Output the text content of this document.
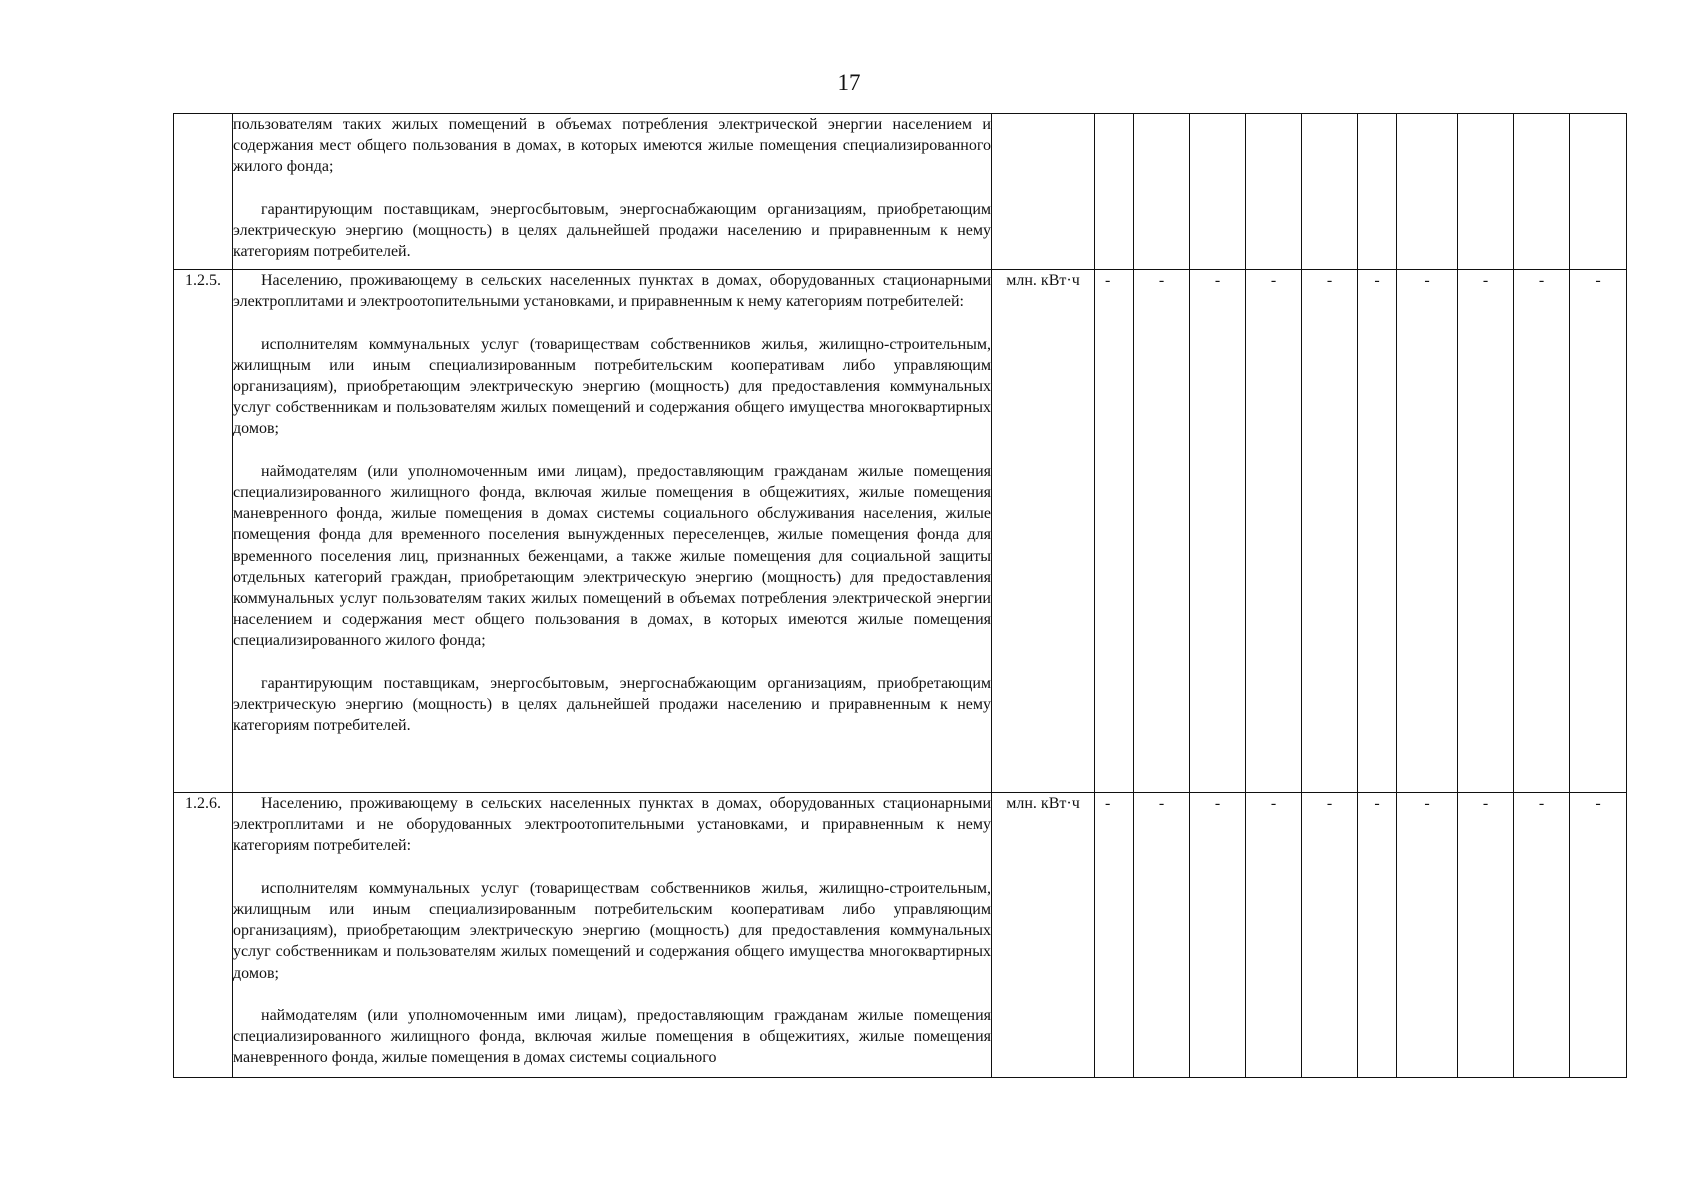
17

	пользователям таких жилых помещений в объемах потребления электрической энергии населением и содержания мест общего пользования в домах, в которых имеются жилые помещения специализированного жилого фонда;

гарантирующим поставщикам, энергосбытовым, энергоснабжающим организациям, приобретающим электрическую энергию (мощность) в целях дальнейшей продажи населению и приравненным к нему категориям потребителей.											

1.2.5.	Населению, проживающему в сельских населенных пунктах в домах, оборудованных стационарными электроплитами и электроотопительными установками, и приравненным к нему категориям потребителей:

исполнителям коммунальных услуг (товариществам собственников жилья, жилищно-строительным, жилищным или иным специализированным потребительским кооперативам либо управляющим организациям), приобретающим электрическую энергию (мощность) для предоставления коммунальных услуг собственникам и пользователям жилых помещений и содержания общего имущества многоквартирных домов;

наймодателям (или уполномоченным ими лицам), предоставляющим гражданам жилые помещения специализированного жилищного фонда, включая жилые помещения в общежитиях, жилые помещения маневренного фонда, жилые помещения в домах системы социального обслуживания населения, жилые помещения фонда для временного поселения вынужденных переселенцев, жилые помещения фонда для временного поселения лиц, признанных беженцами, а также жилые помещения для социальной защиты отдельных категорий граждан, приобретающим электрическую энергию (мощность) для предоставления коммунальных услуг пользователям таких жилых помещений в объемах потребления электрической энергии населением и содержания мест общего пользования в домах, в которых имеются жилые помещения специализированного жилого фонда;

гарантирующим поставщикам, энергосбытовым, энергоснабжающим организациям, приобретающим электрическую энергию (мощность) в целях дальнейшей продажи населению и приравненным к нему категориям потребителей.	млн. кВт·ч	-	-	-	-	-	-	-	-	-	-
1.2.6.	Населению, проживающему в сельских населенных пунктах в домах, оборудованных стационарными электроплитами и не оборудованных электроотопительными установками, и приравненным к нему категориям потребителей:

исполнителям коммунальных услуг (товариществам собственников жилья, жилищно-строительным, жилищным или иным специализированным потребительским кооперативам либо управляющим организациям), приобретающим электрическую энергию (мощность) для предоставления коммунальных услуг собственникам и пользователям жилых помещений и содержания общего имущества многоквартирных домов;

наймодателям (или уполномоченным ими лицам), предоставляющим гражданам жилые помещения специализированного жилищного фонда, включая жилые помещения в общежитиях, жилые помещения маневренного фонда, жилые помещения в домах системы социального	млн. кВт·ч	-	-	-	-	-	-	-	-	-	-
